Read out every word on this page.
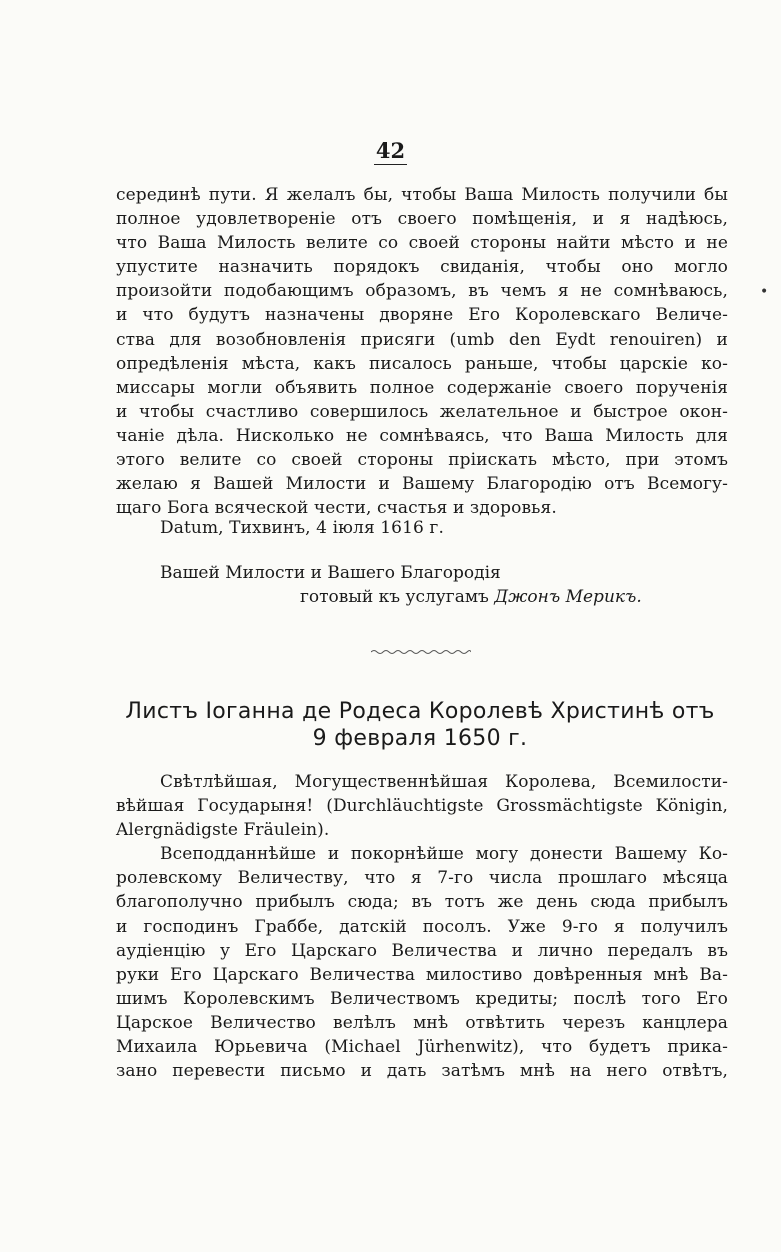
42
•
серединѣ пути. Я желалъ бы, чтобы Ваша Милость получили бы
полное удовлетвореніе отъ своего помѣщенія, и я надѣюсь,
что Ваша Милость велите со своей стороны найти мѣсто и не
упустите назначить порядокъ свиданія, чтобы оно могло
произойти подобающимъ образомъ, въ чемъ я не сомнѣваюсь,
и что будутъ назначены дворяне Его Королевскаго Величе-
ства для возобновленія присяги (umb den Eydt renouiren) и
опредѣленія мѣста, какъ писалось раньше, чтобы царскіе ко-
миссары могли объявить полное содержаніе своего порученія
и чтобы счастливо совершилось желательное и быстрое окон-
чаніе дѣла. Нисколько не сомнѣваясь, что Ваша Милость для
этого велите со своей стороны пріискать мѣсто, при этомъ
желаю я Вашей Милости и Вашему Благородію отъ Всемогу-
щаго Бога всяческой чести, счастья и здоровья.
Datum, Тихвинъ, 4 іюля 1616 г.
Вашей Милости и Вашего Благородія
готовый къ услугамъ Джонъ Мерикъ.
Листъ Іоганна де Родеса Королевѣ Христинѣ отъ
9 февраля 1650 г.
Свѣтлѣйшая, Могущественнѣйшая Королева, Всемилости-
вѣйшая Государыня! (Durchläuchtigste Grossmächtigste Königin,
Alergnädigste Fräulein).
Всеподданнѣйше и покорнѣйше могу донести Вашему Ко-
ролевскому Величеству, что я 7-го числа прошлаго мѣсяца
благополучно прибылъ сюда; въ тотъ же день сюда прибылъ
и господинъ Граббе, датскій посолъ. Уже 9-го я получилъ
аудіенцію у Его Царскаго Величества и лично передалъ въ
руки Его Царскаго Величества милостиво довѣренныя мнѣ Ва-
шимъ Королевскимъ Величествомъ кредиты; послѣ того Его
Царское Величество велѣлъ мнѣ отвѣтить черезъ канцлера
Михаила Юрьевича (Michael Jürhenwitz), что будетъ прика-
зано перевести письмо и дать затѣмъ мнѣ на него отвѣтъ,
